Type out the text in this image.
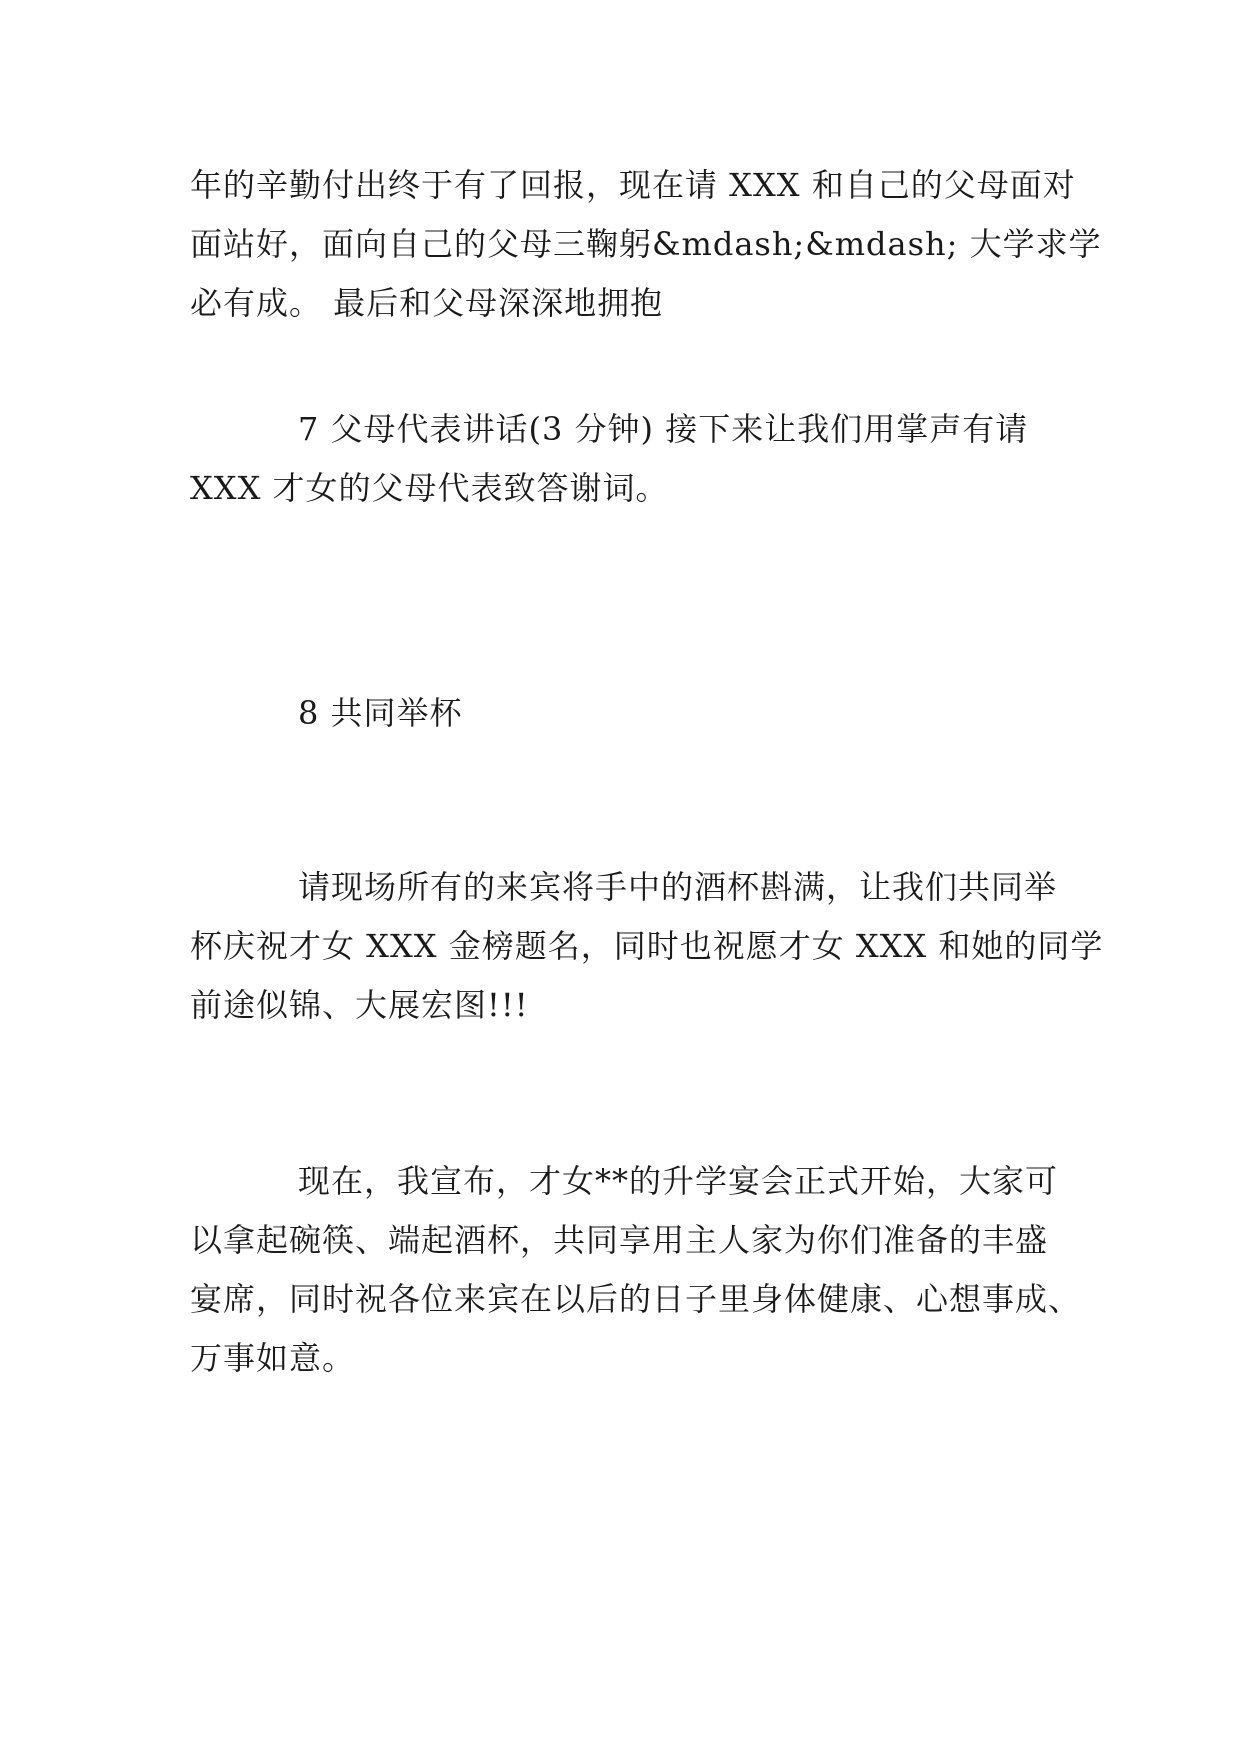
年的辛勤付出终于有了回报，现在请 XXX 和自己的父母面对
面站好，面向自己的父母三鞠躬&mdash;&mdash; 大学求学
必有成。 最后和父母深深地拥抱

7 父母代表讲话(3 分钟) 接下来让我们用掌声有请
XXX 才女的父母代表致答谢词。

8 共同举杯

请现场所有的来宾将手中的酒杯斟满，让我们共同举
杯庆祝才女 XXX 金榜题名，同时也祝愿才女 XXX 和她的同学
前途似锦、大展宏图!!!

现在，我宣布，才女**的升学宴会正式开始，大家可
以拿起碗筷、端起酒杯，共同享用主人家为你们准备的丰盛
宴席，同时祝各位来宾在以后的日子里身体健康、心想事成、
万事如意。
